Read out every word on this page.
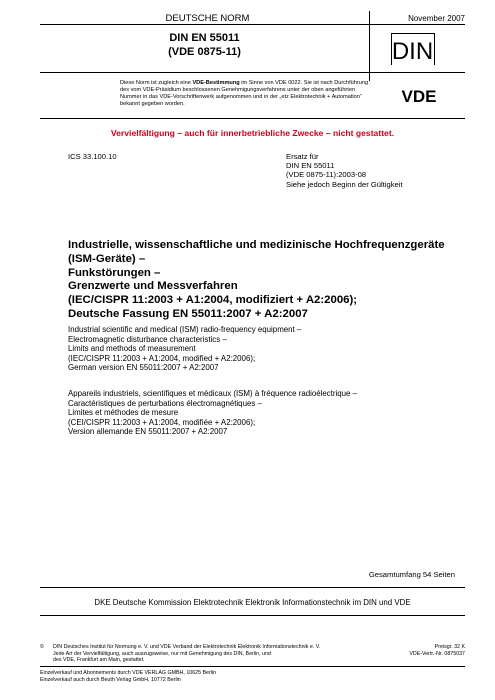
DEUTSCHE NORM	November 2007
DIN EN 55011
(VDE 0875-11)	DIN
Diese Norm ist zugleich eine VDE-Bestimmung im Sinne von VDE 0022. Sie ist nach Durchführung des vom VDE-Präsidium beschlossenen Genehmigungsverfahrens unter der oben angeführten Nummer in das VDE-Vorschriftenwerk aufgenommen und in der „etz Elektrotechnik + Automation“ bekannt gegeben worden.	VDE
Vervielfältigung – auch für innerbetriebliche Zwecke – nicht gestattet.
ICS 33.100.10	Ersatz für
DIN EN 55011
(VDE 0875-11):2003-08
Siehe jedoch Beginn der Gültigkeit
Industrielle, wissenschaftliche und medizinische Hochfrequenzgeräte
(ISM-Geräte) –
Funkstörungen –
Grenzwerte und Messverfahren
(IEC/CISPR 11:2003 + A1:2004, modifiziert + A2:2006);
Deutsche Fassung EN 55011:2007 + A2:2007
Industrial scientific and medical (ISM) radio-frequency equipment –
Electromagnetic disturbance characteristics –
Limits and methods of measurement
(IEC/CISPR 11:2003 + A1:2004, modified + A2:2006);
German version EN 55011:2007 + A2:2007
Appareils industriels, scientifiques et médicaux (ISM) à fréquence radioélectrique –
Caractéristiques de perturbations électromagnétiques –
Limites et méthodes de mesure
(CEI/CISPR 11:2003 + A1:2004, modifiée + A2:2006);
Version allemande EN 55011:2007 + A2:2007
Gesamtumfang 54 Seiten
DKE Deutsche Kommission Elektrotechnik Elektronik Informationstechnik im DIN und VDE
©	DIN Deutsches Institut für Normung e. V. und VDE Verband der Elektrotechnik Elektronik Informationstechnik e. V.
Jede Art der Vervielfältigung, auch auszugsweise, nur mit Genehmigung des DIN, Berlin, und
des VDE, Frankfurt am Main, gestattet.
Preisgr. 32 K
VDE-Vertr.-Nr. 0875037
Einzelverkauf und Abonnements durch VDE VERLAG GMBH, 10625 Berlin
Einzelverkauf auch durch Beuth Verlag GmbH, 10772 Berlin
